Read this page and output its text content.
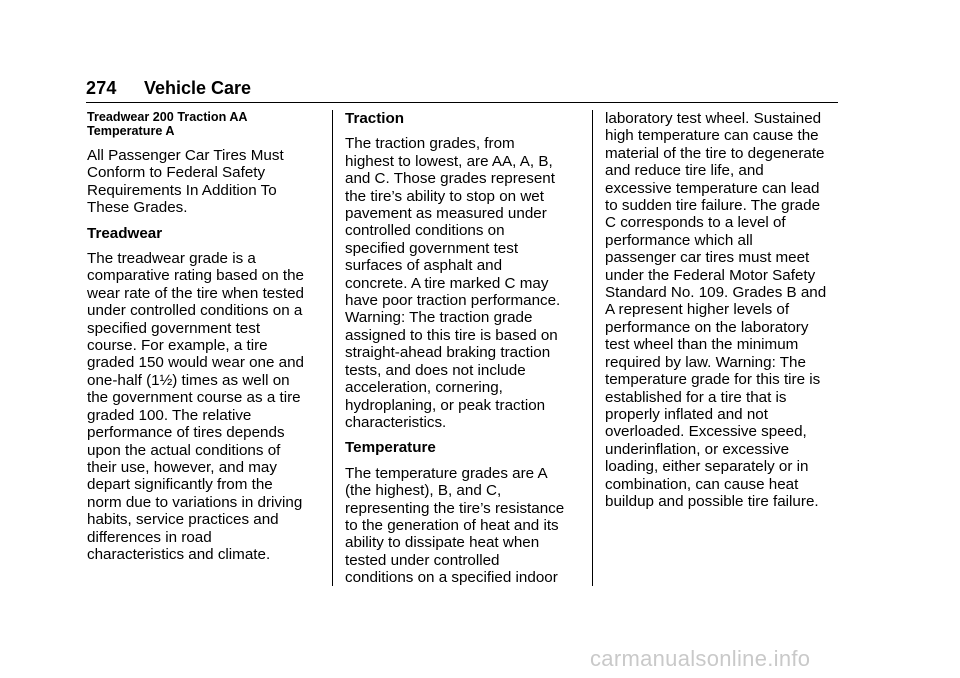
274 Vehicle Care
Treadwear 200 Traction AA
Temperature A

All Passenger Car Tires Must
Conform to Federal Safety
Requirements In Addition To
These Grades.

Treadwear

The treadwear grade is a
comparative rating based on the
wear rate of the tire when tested
under controlled conditions on a
specified government test
course. For example, a tire
graded 150 would wear one and
one-half (1½) times as well on
the government course as a tire
graded 100. The relative
performance of tires depends
upon the actual conditions of
their use, however, and may
depart significantly from the
norm due to variations in driving
habits, service practices and
differences in road
characteristics and climate.

Traction

The traction grades, from
highest to lowest, are AA, A, B,
and C. Those grades represent
the tire’s ability to stop on wet
pavement as measured under
controlled conditions on
specified government test
surfaces of asphalt and
concrete. A tire marked C may
have poor traction performance.
Warning: The traction grade
assigned to this tire is based on
straight-ahead braking traction
tests, and does not include
acceleration, cornering,
hydroplaning, or peak traction
characteristics.

Temperature

The temperature grades are A
(the highest), B, and C,
representing the tire’s resistance
to the generation of heat and its
ability to dissipate heat when
tested under controlled
conditions on a specified indoor

laboratory test wheel. Sustained
high temperature can cause the
material of the tire to degenerate
and reduce tire life, and
excessive temperature can lead
to sudden tire failure. The grade
C corresponds to a level of
performance which all
passenger car tires must meet
under the Federal Motor Safety
Standard No. 109. Grades B and
A represent higher levels of
performance on the laboratory
test wheel than the minimum
required by law. Warning: The
temperature grade for this tire is
established for a tire that is
properly inflated and not
overloaded. Excessive speed,
underinflation, or excessive
loading, either separately or in
combination, can cause heat
buildup and possible tire failure.

carmanualsonline.info
